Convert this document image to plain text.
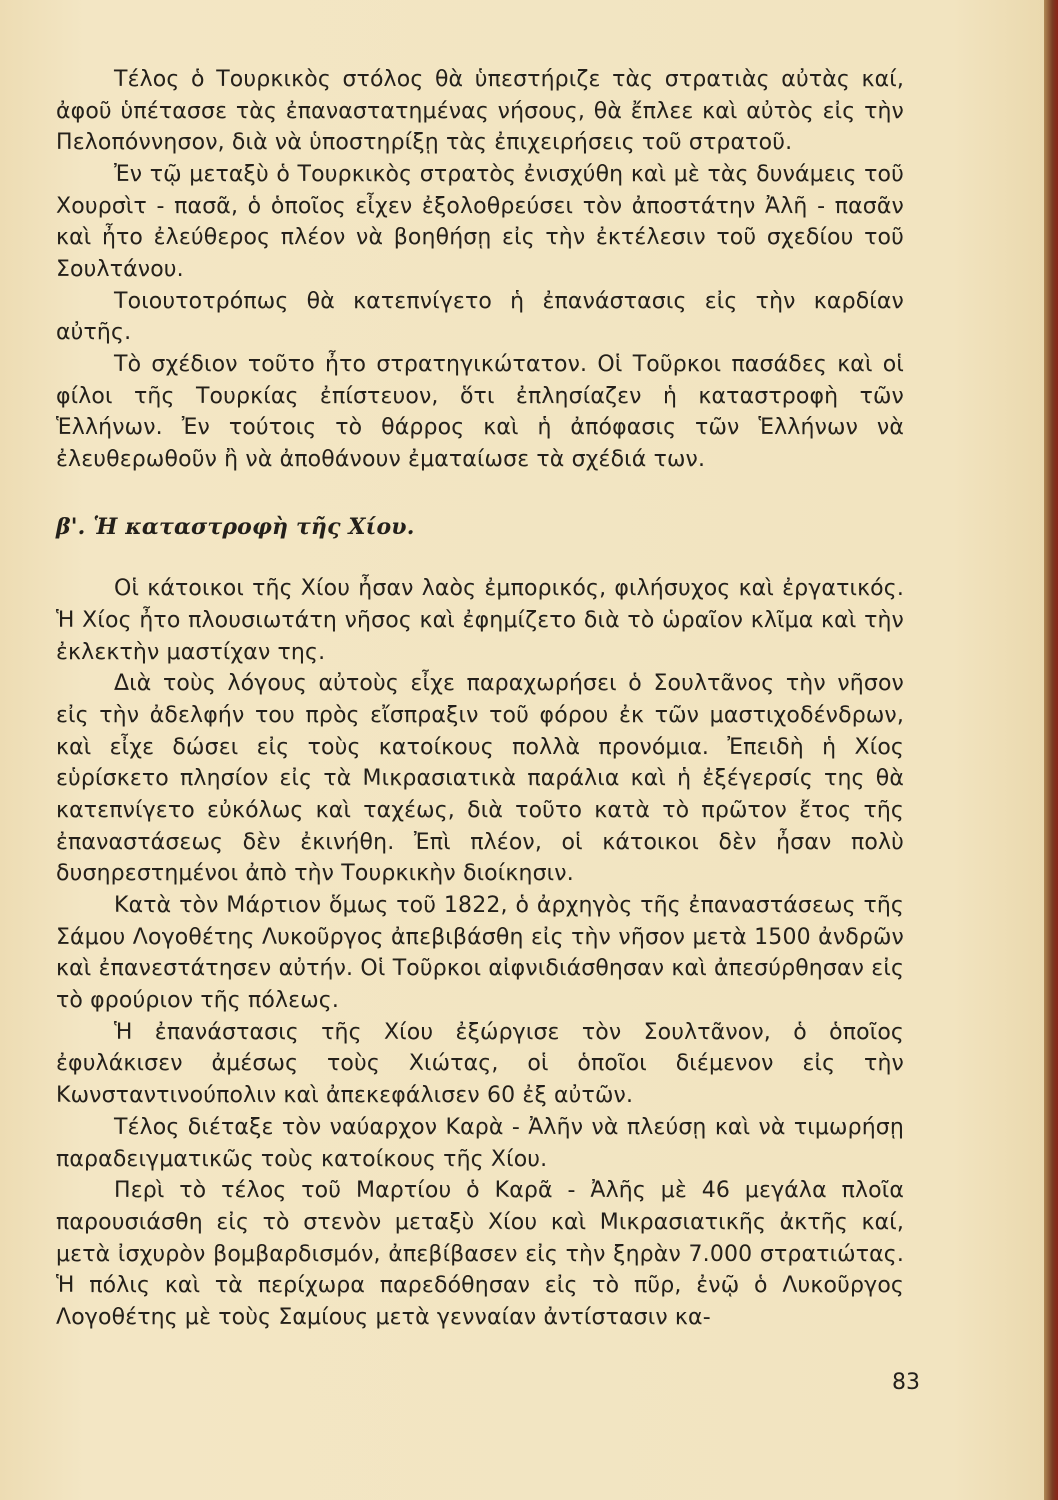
Τέλος ὁ Τουρκικὸς στόλος θὰ ὑπεστήριζε τὰς στρατιὰς αὐτὰς καί, ἀφοῦ ὑπέτασσε τὰς ἐπαναστατημένας νήσους, θὰ ἔπλεε καὶ αὐτὸς εἰς τὴν Πελοπόννησον, διὰ νὰ ὑποστηρίξῃ τὰς ἐπιχειρήσεις τοῦ στρατοῦ.

Ἐν τῷ μεταξὺ ὁ Τουρκικὸς στρατὸς ἐνισχύθη καὶ μὲ τὰς δυνάμεις τοῦ Χουρσὶτ - πασᾶ, ὁ ὁποῖος εἶχεν ἐξολοθρεύσει τὸν ἀποστάτην Ἀλῆ - πασᾶν καὶ ἦτο ἐλεύθερος πλέον νὰ βοηθήσῃ εἰς τὴν ἐκτέλεσιν τοῦ σχεδίου τοῦ Σουλτάνου.

Τοιουτοτρόπως θὰ κατεπνίγετο ἡ ἐπανάστασις εἰς τὴν καρδίαν αὐτῆς.

Τὸ σχέδιον τοῦτο ἦτο στρατηγικώτατον. Οἱ Τοῦρκοι πασάδες καὶ οἱ φίλοι τῆς Τουρκίας ἐπίστευον, ὅτι ἐπλησίαζεν ἡ καταστροφὴ τῶν Ἑλλήνων. Ἐν τούτοις τὸ θάρρος καὶ ἡ ἀπόφασις τῶν Ἑλλήνων νὰ ἐλευθερωθοῦν ἢ νὰ ἀποθάνουν ἐματαίωσε τὰ σχέδιά των.

β'. Ἡ καταστροφὴ τῆς Χίου.

Οἱ κάτοικοι τῆς Χίου ἦσαν λαὸς ἐμπορικός, φιλήσυχος καὶ ἐργατικός. Ἡ Χίος ἦτο πλουσιωτάτη νῆσος καὶ ἐφημίζετο διὰ τὸ ὡραῖον κλῖμα καὶ τὴν ἐκλεκτὴν μαστίχαν της.

Διὰ τοὺς λόγους αὐτοὺς εἶχε παραχωρήσει ὁ Σουλτᾶνος τὴν νῆσον εἰς τὴν ἀδελφήν του πρὸς εἴσπραξιν τοῦ φόρου ἐκ τῶν μαστιχοδένδρων, καὶ εἶχε δώσει εἰς τοὺς κατοίκους πολλὰ προνόμια. Ἐπειδὴ ἡ Χίος εὑρίσκετο πλησίον εἰς τὰ Μικρασιατικὰ παράλια καὶ ἡ ἐξέγερσίς της θὰ κατεπνίγετο εὐκόλως καὶ ταχέως, διὰ τοῦτο κατὰ τὸ πρῶτον ἔτος τῆς ἐπαναστάσεως δὲν ἐκινήθη. Ἐπὶ πλέον, οἱ κάτοικοι δὲν ἦσαν πολὺ δυσηρεστημένοι ἀπὸ τὴν Τουρκικὴν διοίκησιν.

Κατὰ τὸν Μάρτιον ὅμως τοῦ 1822, ὁ ἀρχηγὸς τῆς ἐπαναστάσεως τῆς Σάμου Λογοθέτης Λυκοῦργος ἀπεβιβάσθη εἰς τὴν νῆσον μετὰ 1500 ἀνδρῶν καὶ ἐπανεστάτησεν αὐτήν. Οἱ Τοῦρκοι αἰφνιδιάσθησαν καὶ ἀπεσύρθησαν εἰς τὸ φρούριον τῆς πόλεως.

Ἡ ἐπανάστασις τῆς Χίου ἐξώργισε τὸν Σουλτᾶνον, ὁ ὁποῖος ἐφυλάκισεν ἀμέσως τοὺς Χιώτας, οἱ ὁποῖοι διέμενον εἰς τὴν Κωνσταντινούπολιν καὶ ἀπεκεφάλισεν 60 ἐξ αὐτῶν.

Τέλος διέταξε τὸν ναύαρχον Καρὰ - Ἀλῆν νὰ πλεύσῃ καὶ νὰ τιμωρήσῃ παραδειγματικῶς τοὺς κατοίκους τῆς Χίου.

Περὶ τὸ τέλος τοῦ Μαρτίου ὁ Καρᾶ - Ἀλῆς μὲ 46 μεγάλα πλοῖα παρουσιάσθη εἰς τὸ στενὸν μεταξὺ Χίου καὶ Μικρασιατικῆς ἀκτῆς καί, μετὰ ἰσχυρὸν βομβαρδισμόν, ἀπεβίβασεν εἰς τὴν ξηρὰν 7.000 στρατιώτας. Ἡ πόλις καὶ τὰ περίχωρα παρεδόθησαν εἰς τὸ πῦρ, ἐνῷ ὁ Λυκοῦργος Λογοθέτης μὲ τοὺς Σαμίους μετὰ γενναίαν ἀντίστασιν κα-

83
